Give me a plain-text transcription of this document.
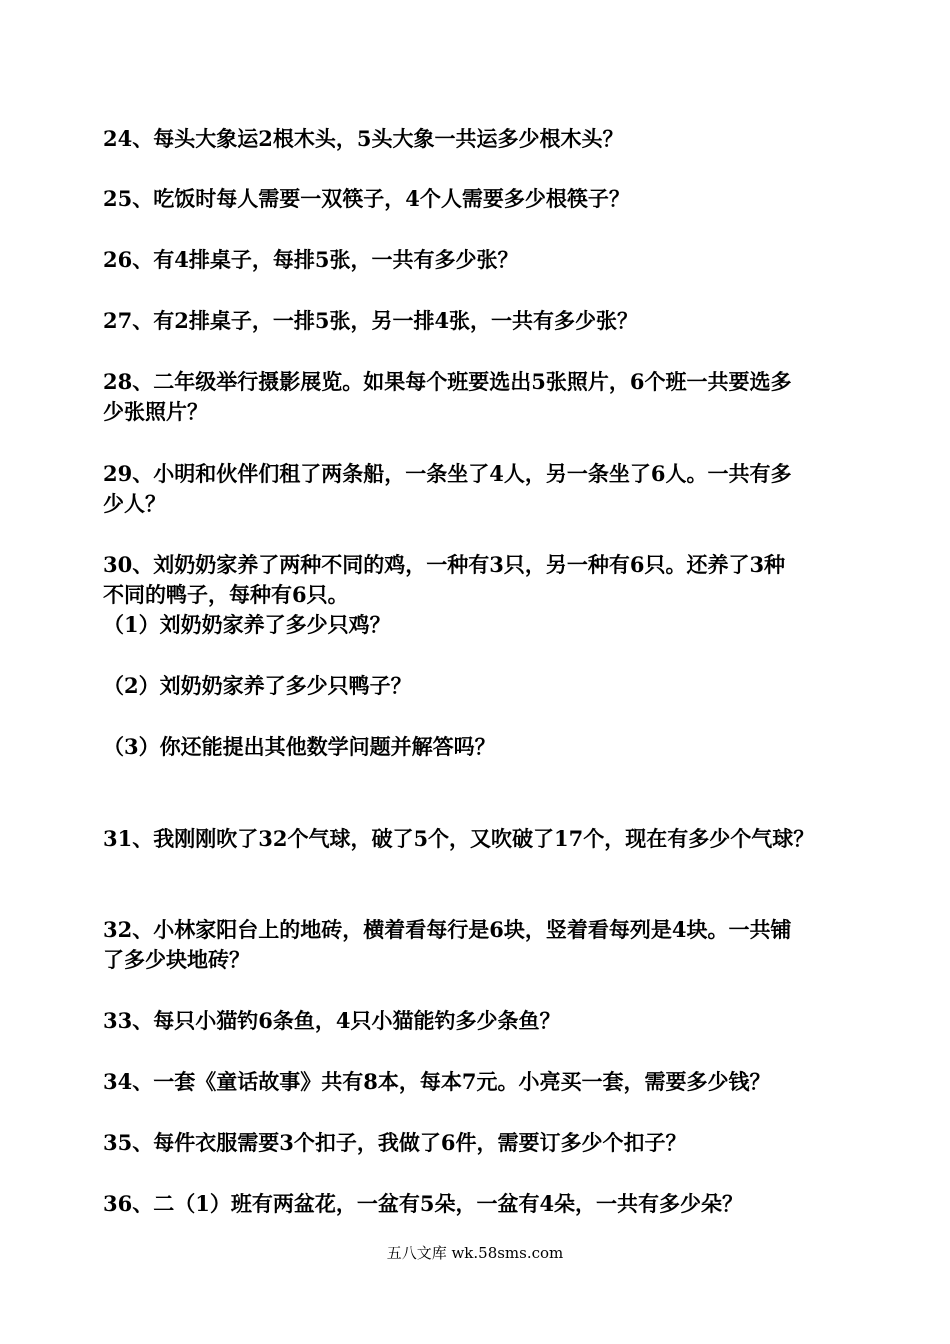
24、每头大象运2根木头，5头大象一共运多少根木头？
25、吃饭时每人需要一双筷子，4个人需要多少根筷子？
26、有4排桌子，每排5张，一共有多少张？
27、有2排桌子，一排5张，另一排4张，一共有多少张？
28、二年级举行摄影展览。如果每个班要选出5张照片，6个班一共要选多
少张照片？
29、小明和伙伴们租了两条船，一条坐了4人，另一条坐了6人。一共有多
少人？
30、刘奶奶家养了两种不同的鸡，一种有3只，另一种有6只。还养了3种
不同的鸭子，每种有6只。
（1）刘奶奶家养了多少只鸡？
（2）刘奶奶家养了多少只鸭子？
（3）你还能提出其他数学问题并解答吗？
31、我刚刚吹了32个气球，破了5个，又吹破了17个，现在有多少个气球？
32、小林家阳台上的地砖，横着看每行是6块，竖着看每列是4块。一共铺
了多少块地砖？
33、每只小猫钓6条鱼，4只小猫能钓多少条鱼？
34、一套《童话故事》共有8本，每本7元。小亮买一套，需要多少钱？
35、每件衣服需要3个扣子，我做了6件，需要订多少个扣子？
36、二（1）班有两盆花，一盆有5朵，一盆有4朵，一共有多少朵？
五八文库 wk.58sms.com
